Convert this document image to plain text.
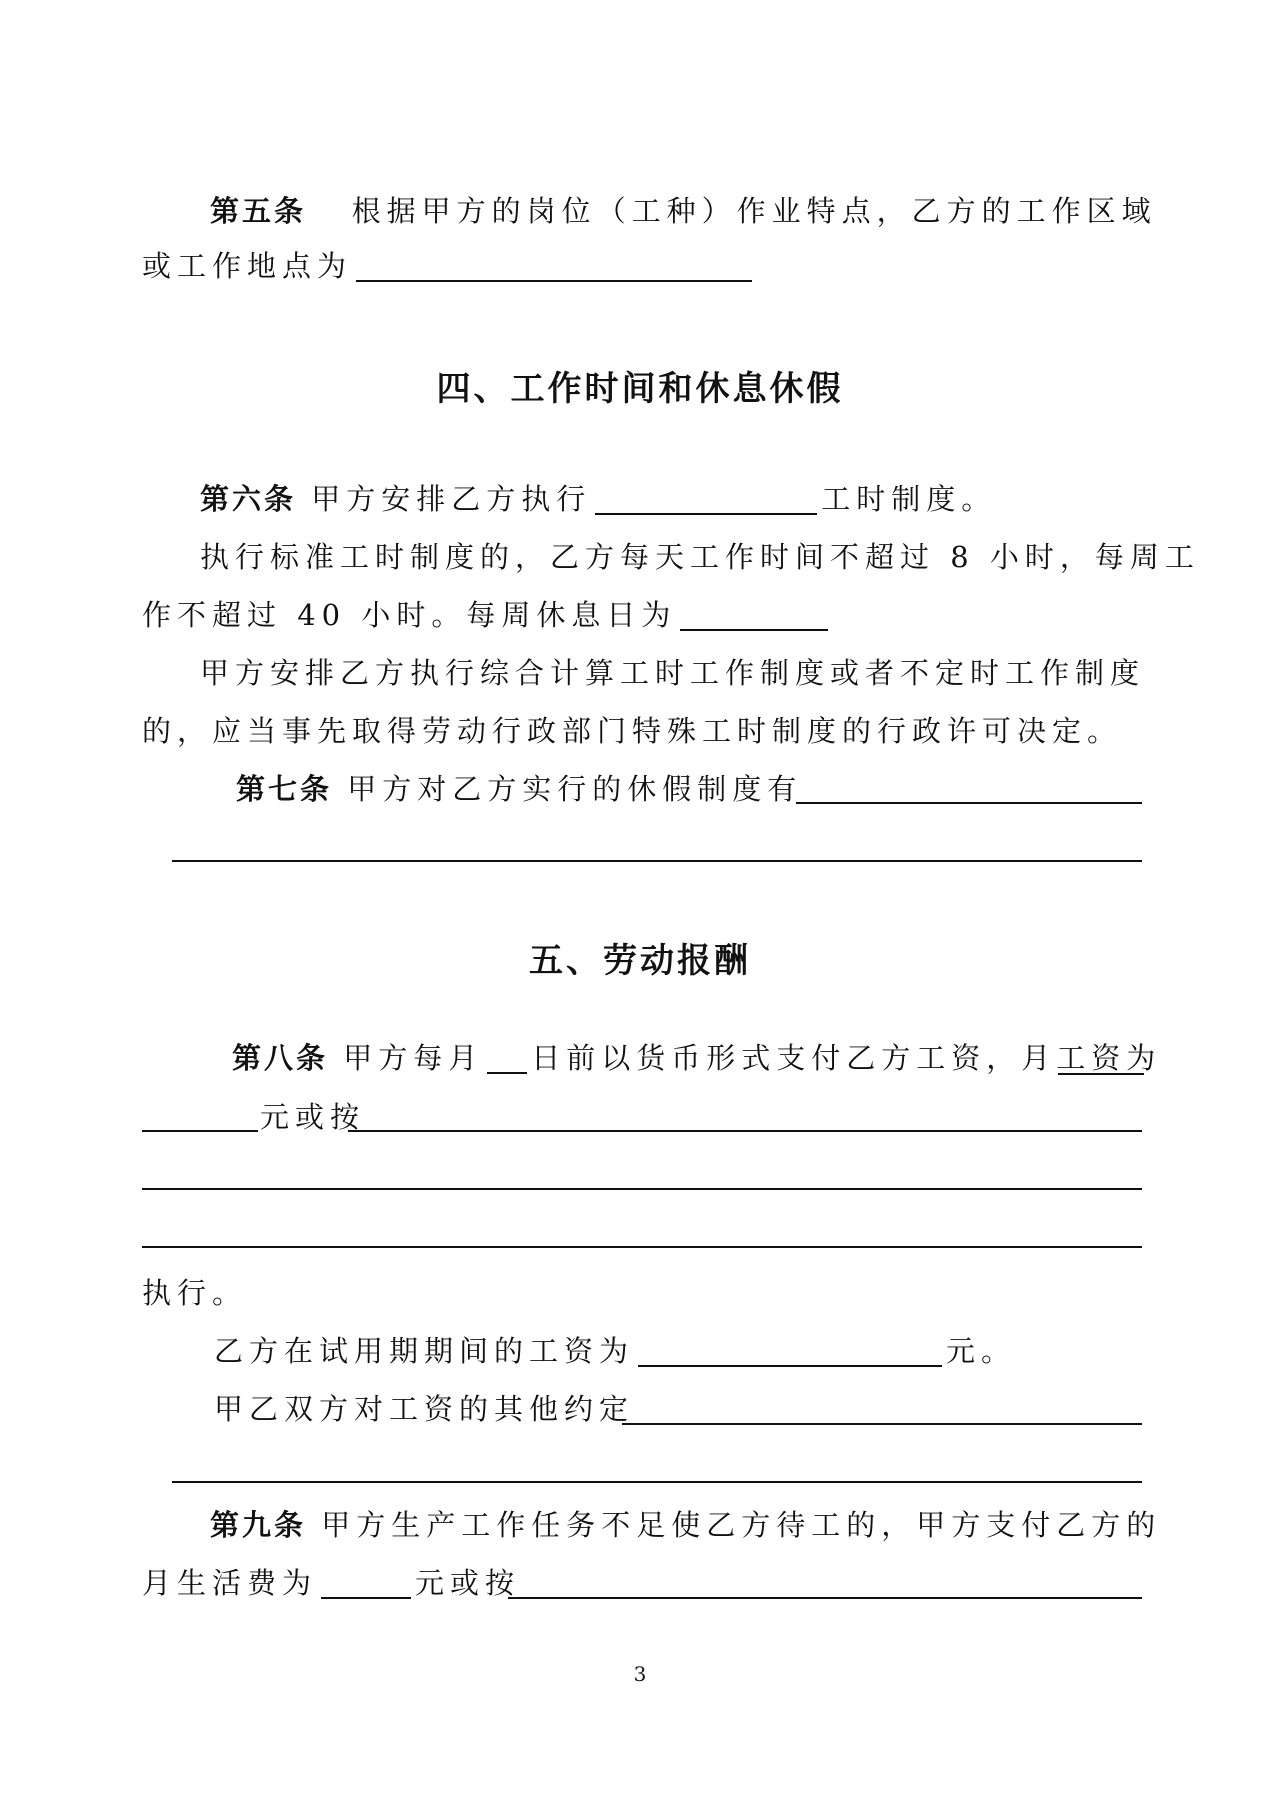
第五条 根据甲方的岗位（工种）作业特点，乙方的工作区域
或工作地点为
四、工作时间和休息休假
第六条 甲方安排乙方执行	工时制度。
执行标准工时制度的，乙方每天工作时间不超过 8 小时，每周工
作不超过 40 小时。每周休息日为
甲方安排乙方执行综合计算工时工作制度或者不定时工作制度
的，应当事先取得劳动行政部门特殊工时制度的行政许可决定。
第七条 甲方对乙方实行的休假制度有
五、劳动报酬
第八条 甲方每月 日前以货币形式支付乙方工资，月工资为
元或按
执行。
乙方在试用期期间的工资为	元。
甲乙双方对工资的其他约定
第九条 甲方生产工作任务不足使乙方待工的，甲方支付乙方的
月生活费为	元或按
3
